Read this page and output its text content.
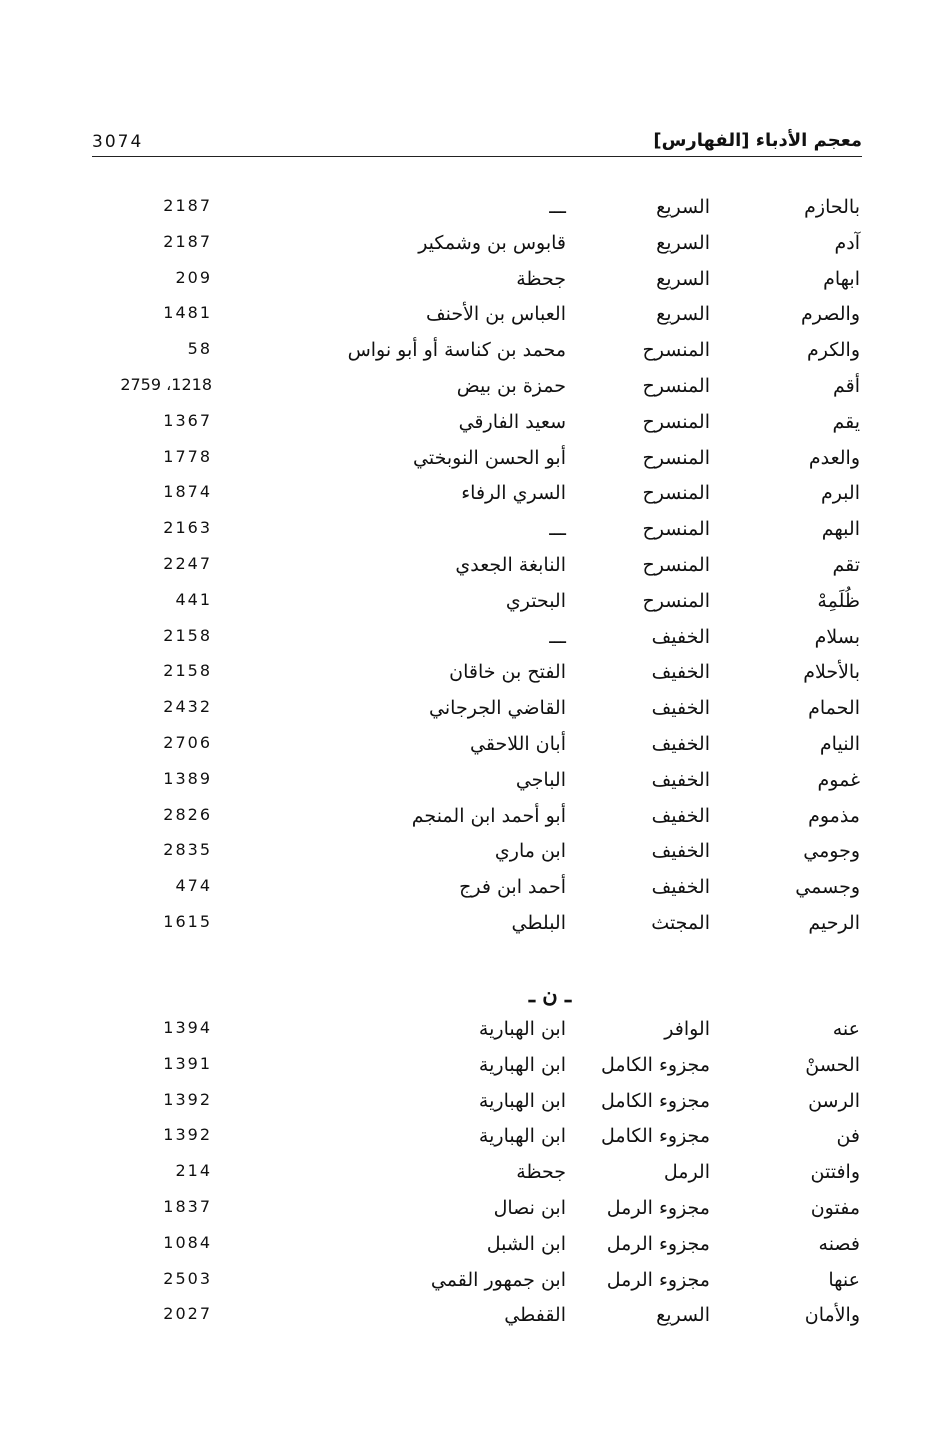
3074	معجم الأدباء [الفهارس]
بالحازم
السريع
ـــ
2187
آدم
السريع
قابوس بن وشمكير
2187
ابهام
السريع
جحظة
209
والصرم
السريع
العباس بن الأحنف
1481
والكرم
المنسرح
محمد بن كناسة أو أبو نواس
58
أقم
المنسرح
حمزة بن بيض
2759 ،1218
يقم
المنسرح
سعيد الفارقي
1367
والعدم
المنسرح
أبو الحسن النوبختي
1778
البرم
المنسرح
السري الرفاء
1874
البهم
المنسرح
ـــ
2163
تقم
المنسرح
النابغة الجعدي
2247
ظُلَمِهْ
المنسرح
البحتري
441
بسلام
الخفيف
ـــ
2158
بالأحلام
الخفيف
الفتح بن خاقان
2158
الحمام
الخفيف
القاضي الجرجاني
2432
النيام
الخفيف
أبان اللاحقي
2706
غموم
الخفيف
الباجي
1389
مذموم
الخفيف
أبو أحمد ابن المنجم
2826
وجومي
الخفيف
ابن ماري
2835
وجسمي
الخفيف
أحمد ابن فرج
474
الرحيم
المجتث
البلطي
1615
ـ ن ـ
عنه
الوافر
ابن الهبارية
1394
الحسنْ
مجزوء الكامل
ابن الهبارية
1391
الرسن
مجزوء الكامل
ابن الهبارية
1392
فن
مجزوء الكامل
ابن الهبارية
1392
وافتتن
الرمل
جحظة
214
مفتون
مجزوء الرمل
ابن نصال
1837
فصنه
مجزوء الرمل
ابن الشبل
1084
عنها
مجزوء الرمل
ابن جمهور القمي
2503
والأمان
السريع
القفطي
2027
